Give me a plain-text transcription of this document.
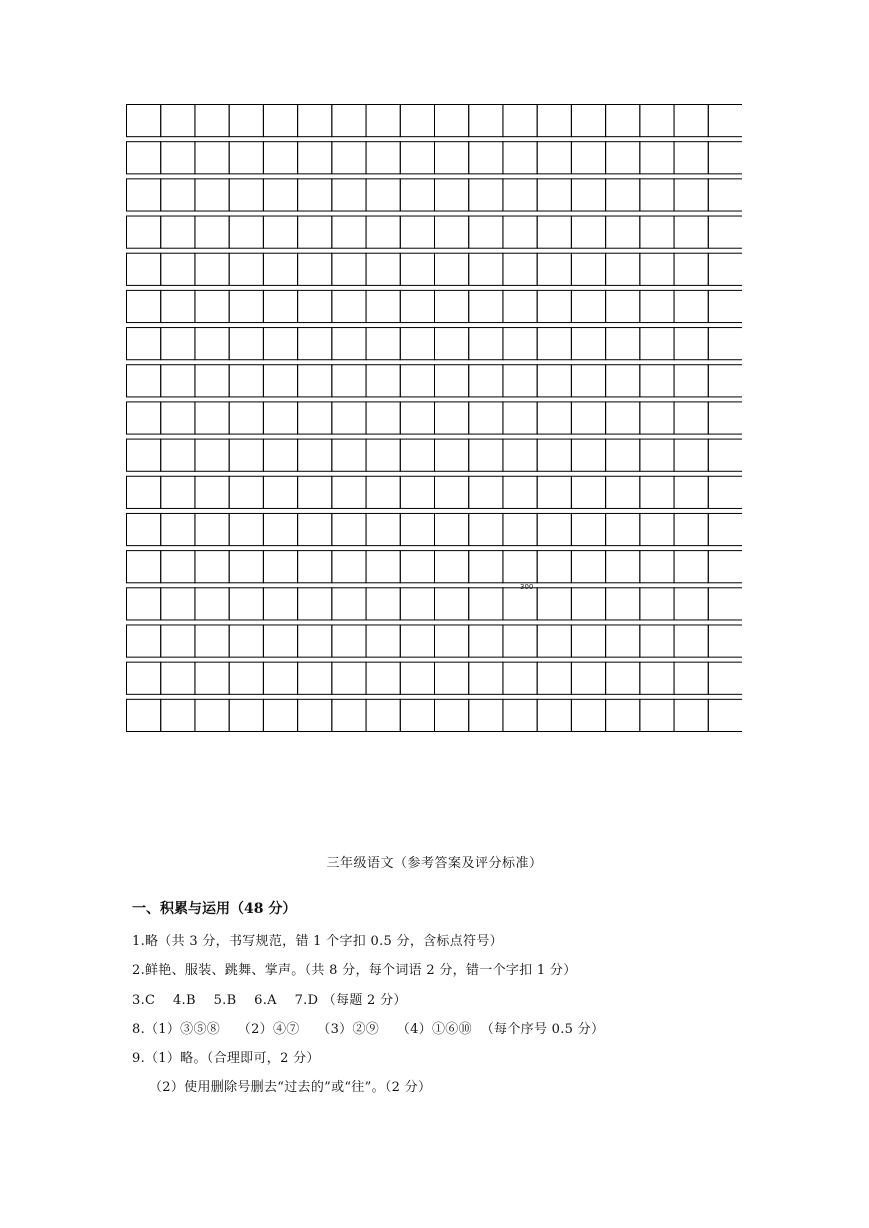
300
三年级语文（参考答案及评分标准）
一、积累与运用（48 分）
1.略（共 3 分，书写规范，错 1 个字扣 0.5 分，含标点符号）
2.鲜艳、服装、跳舞、掌声。（共 8 分，每个词语 2 分，错一个字扣 1 分）
3.C    4.B    5.B    6.A    7.D （每题 2 分）
8.（1）③⑤⑧    （2）④⑦    （3）②⑨    （4）①⑥⑩  （每个序号 0.5 分）
9.（1）略。（合理即可，2 分）
（2）使用删除号删去“过去的”或“往”。（2 分）
